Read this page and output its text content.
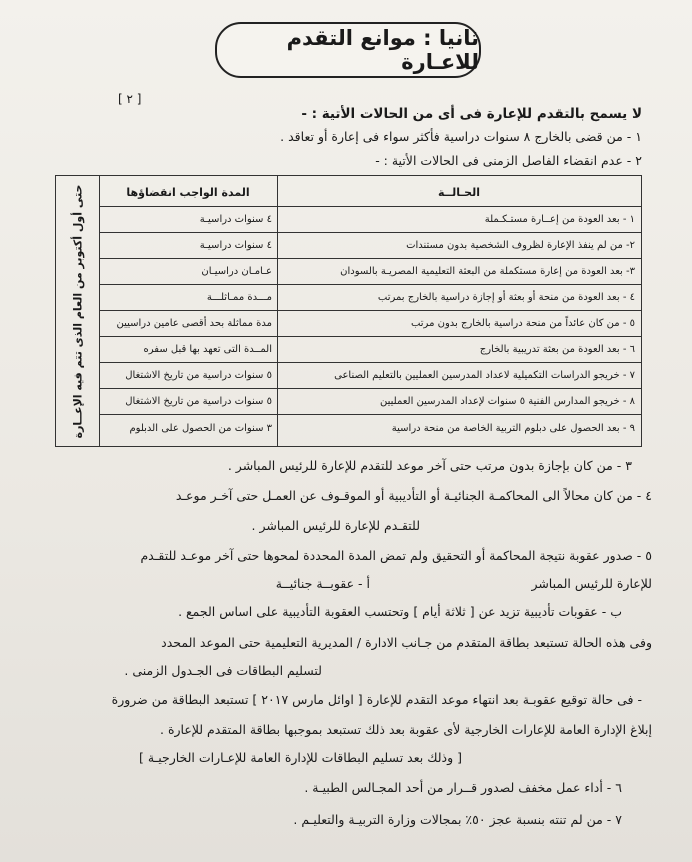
ثانيا : موانع التقدم للاعـارة
[ ٢ ]
لا يسمح بالتقدم للإعارة فى أى من الحالات الأتية : -
١ - من قضى بالخارج ٨ سنوات دراسية فأكثر سواء فى إعارة أو تعاقد .
٢ - عدم انقضاء الفاصل الزمنى فى الحالات الأتية : -
حتى أول أكتوبر من العام الذى تتم فيه الإعــارة	الحـالــة
المدة الواجب انقضاؤها
١ - بعد العودة من إعــارة مستـكـملة
٢- من لم ينفذ الإعارة لظروف الشخصية بدون مستندات
٣- بعد العودة من إعارة مستكملة من البعثة التعليمية المصريـة بالسودان
٤ - بعد العودة من منحة أو بعثة أو إجازة دراسية بالخارج بمرتب
٥ - من كان عائداً من منحة دراسية بالخارج بدون مرتب
٦ - بعد العودة من بعثة تدريبية بالخارج
٧ - خريجو الدراسات التكميلية لاعداد المدرسين العمليين بالتعليم الصناعى
٨ - خريجو المدارس الفنية ٥ سنوات لإعداد المدرسين العمليين
٩ - بعد الحصول على دبلوم التربية الخاصة من منحة دراسية
٤ سنوات دراسيـة
٤ سنوات دراسيـة
عـامـان دراسيـان
مـــدة ممـاثلـــة
مدة مماثلة بحد أقصى عامين دراسيين
المــدة التى تعهد بها قبل سفره
٥ سنوات دراسية من تاريخ الاشتغال
٥ سنوات دراسية من تاريخ الاشتغال
٣ سنوات من الحصول على الدبلوم
٣ - من كان بإجازة بدون مرتب حتى آخر موعد للتقدم للإعارة للرئيس المباشر .
٤ - من كان محالاً الى المحاكمـة الجنائيـة أو التأديبية أو الموقـوف عن العمـل حتى آخـر موعـد
للتقـدم للإعارة للرئيس المباشر .
٥ - صدور عقوبة نتيجة المحاكمة أو التحقيق ولم تمض المدة المحددة لمحوها حتى آخر موعـد للتقـدم
للإعارة للرئيس المباشر
أ - عقوبــة جنائيــة
ب - عقوبات تأديبية تزيد عن [ ثلاثة أيام ] وتحتسب العقوبة التأديبية على اساس الجمع .
وفى هذه الحالة تستبعد بطاقة المتقدم من جـانب الادارة / المديرية التعليمية حتى الموعد المحدد
لتسليم البطاقات فى الجـدول الزمنى .
- فى حالة توقيع عقوبـة بعد انتهاء موعد التقدم للإعارة [ اوائل مارس ٢٠١٧ ] تستبعد البطاقة من ضرورة
إبلاغ الإدارة العامة للإعارات الخارجية لأى عقوبة بعد ذلك تستبعد بموجبها بطاقة المتقدم للإعارة .
[ وذلك بعد تسليم البطاقات للإدارة العامة للإعـارات الخارجيـة ]
٦ - أداء عمل مخفف لصدور قــرار من أحد المجـالس الطبيـة .
٧ - من لم تنته بنسبة عجز ٥٠٪ بمجالات وزارة التربيـة والتعليـم .
